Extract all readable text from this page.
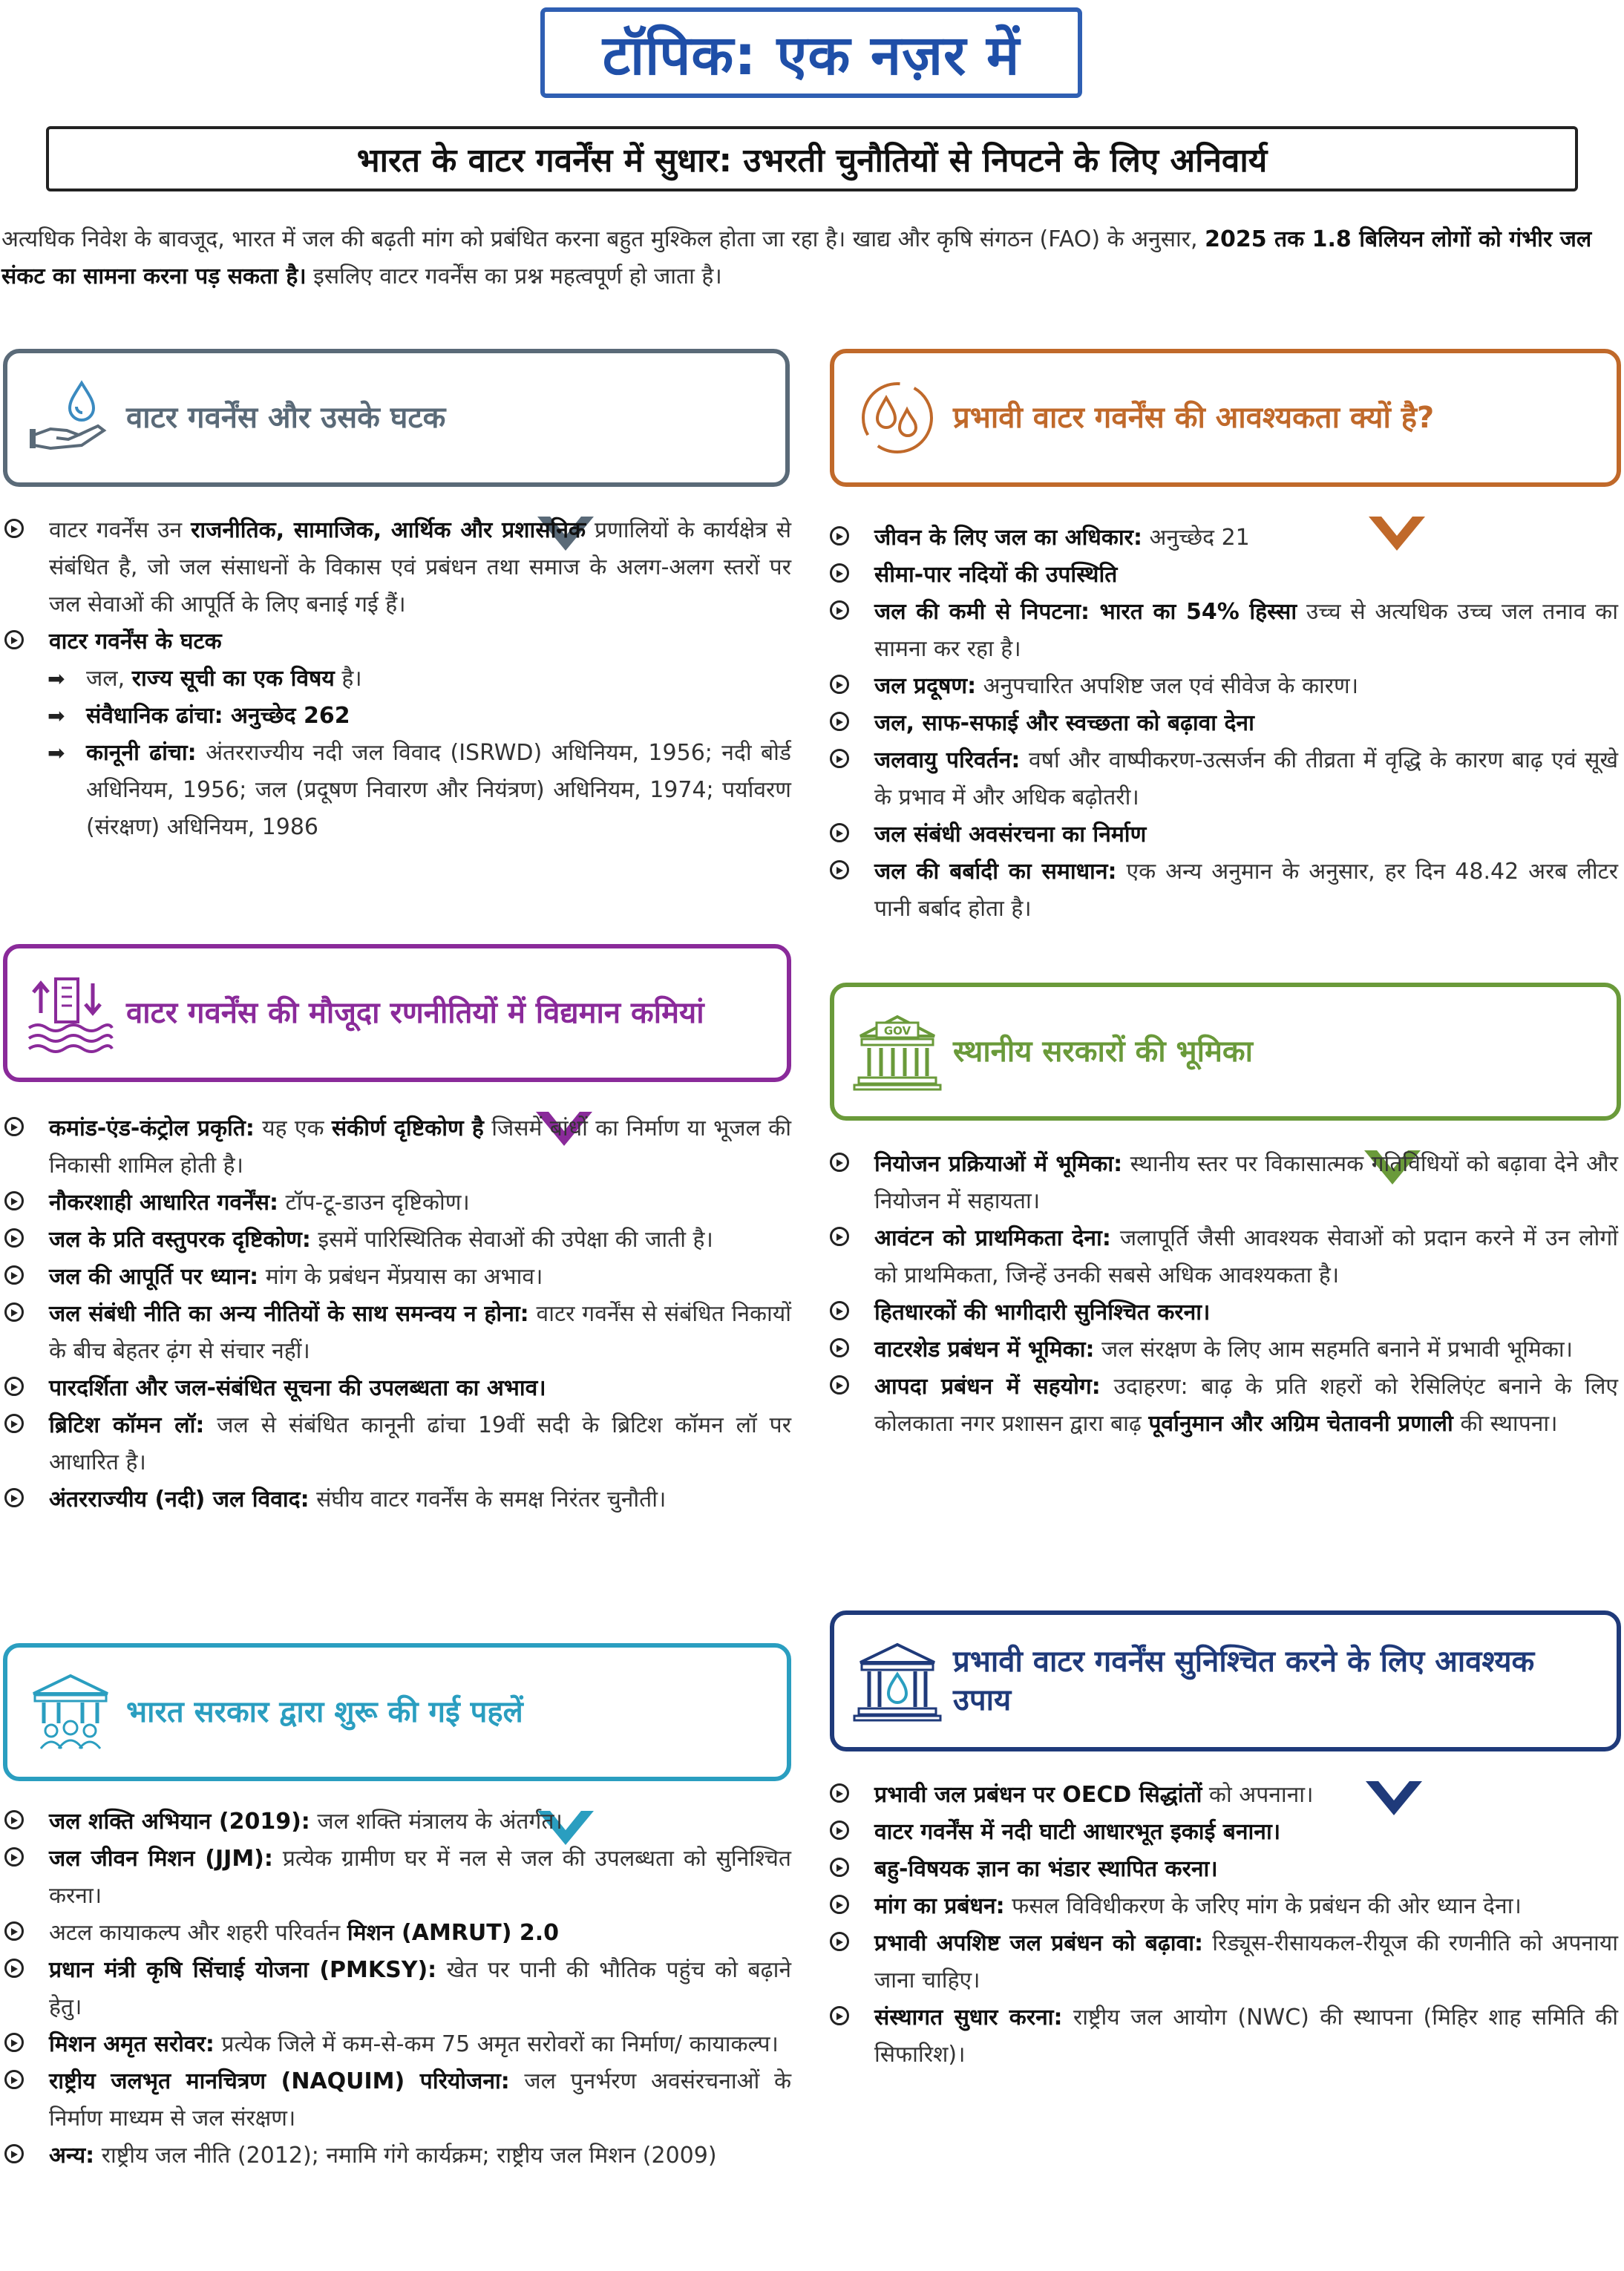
टॉपिक: एक नज़र में
भारत के वाटर गवर्नेंस में सुधार: उभरती चुनौतियों से निपटने के लिए अनिवार्य
अत्यधिक निवेश के बावजूद, भारत में जल की बढ़ती मांग को प्रबंधित करना बहुत मुश्किल होता जा रहा है। खाद्य और कृषि संगठन (FAO) के अनुसार, 2025 तक 1.8 बिलियन लोगों को गंभीर जल संकट का सामना करना पड़ सकता है। इसलिए वाटर गवर्नेंस का प्रश्न महत्वपूर्ण हो जाता है।
वाटर गवर्नेंस और उसके घटक
वाटर गवर्नेंस उन राजनीतिक, सामाजिक, आर्थिक और प्रशासनिक प्रणालियों के कार्यक्षेत्र से संबंधित है, जो जल संसाधनों के विकास एवं प्रबंधन तथा समाज के अलग-अलग स्तरों पर जल सेवाओं की आपूर्ति के लिए बनाई गई हैं।
वाटर गवर्नेंस के घटक
➡ जल, राज्य सूची का एक विषय है।
➡ संवैधानिक ढांचा: अनुच्छेद 262
➡ कानूनी ढांचा: अंतरराज्यीय नदी जल विवाद (ISRWD) अधिनियम, 1956; नदी बोर्ड अधिनियम, 1956; जल (प्रदूषण निवारण और नियंत्रण) अधिनियम, 1974; पर्यावरण (संरक्षण) अधिनियम, 1986
प्रभावी वाटर गवर्नेंस की आवश्यकता क्यों है?
जीवन के लिए जल का अधिकार: अनुच्छेद 21
सीमा-पार नदियों की उपस्थिति
जल की कमी से निपटना: भारत का 54% हिस्सा उच्च से अत्यधिक उच्च जल तनाव का सामना कर रहा है।
जल प्रदूषण: अनुपचारित अपशिष्ट जल एवं सीवेज के कारण।
जल, साफ-सफाई और स्वच्छता को बढ़ावा देना
जलवायु परिवर्तन: वर्षा और वाष्पीकरण-उत्सर्जन की तीव्रता में वृद्धि के कारण बाढ़ एवं सूखे के प्रभाव में और अधिक बढ़ोतरी।
जल संबंधी अवसंरचना का निर्माण
जल की बर्बादी का समाधान: एक अन्य अनुमान के अनुसार, हर दिन 48.42 अरब लीटर पानी बर्बाद होता है।
वाटर गवर्नेंस की मौजूदा रणनीतियों में विद्यमान कमियां
कमांड-एंड-कंट्रोल प्रकृति: यह एक संकीर्ण दृष्टिकोण है जिसमें बांधों का निर्माण या भूजल की निकासी शामिल होती है।
नौकरशाही आधारित गवर्नेंस: टॉप-टू-डाउन दृष्टिकोण।
जल के प्रति वस्तुपरक दृष्टिकोण: इसमें पारिस्थितिक सेवाओं की उपेक्षा की जाती है।
जल की आपूर्ति पर ध्यान: मांग के प्रबंधन मेंप्रयास का अभाव।
जल संबंधी नीति का अन्य नीतियों के साथ समन्वय न होना: वाटर गवर्नेंस से संबंधित निकायों के बीच बेहतर ढ़ंग से संचार नहीं।
पारदर्शिता और जल-संबंधित सूचना की उपलब्धता का अभाव।
ब्रिटिश कॉमन लॉ: जल से संबंधित कानूनी ढांचा 19वीं सदी के ब्रिटिश कॉमन लॉ पर आधारित है।
अंतरराज्यीय (नदी) जल विवाद: संघीय वाटर गवर्नेंस के समक्ष निरंतर चुनौती।
GOV
स्थानीय सरकारों की भूमिका
नियोजन प्रक्रियाओं में भूमिका: स्थानीय स्तर पर विकासात्मक गतिविधियों को बढ़ावा देने और नियोजन में सहायता।
आवंटन को प्राथमिकता देना: जलापूर्ति जैसी आवश्यक सेवाओं को प्रदान करने में उन लोगों को प्राथमिकता, जिन्हें उनकी सबसे अधिक आवश्यकता है।
हितधारकों की भागीदारी सुनिश्चित करना।
वाटरशेड प्रबंधन में भूमिका: जल संरक्षण के लिए आम सहमति बनाने में प्रभावी भूमिका।
आपदा प्रबंधन में सहयोग: उदाहरण: बाढ़ के प्रति शहरों को रेसिलिएंट बनाने के लिए कोलकाता नगर प्रशासन द्वारा बाढ़ पूर्वानुमान और अग्रिम चेतावनी प्रणाली की स्थापना।
भारत सरकार द्वारा शुरू की गई पहलें
जल शक्ति अभियान (2019): जल शक्ति मंत्रालय के अंतर्गत।
जल जीवन मिशन (JJM): प्रत्येक ग्रामीण घर में नल से जल की उपलब्धता को सुनिश्चित करना।
अटल कायाकल्प और शहरी परिवर्तन मिशन (AMRUT) 2.0
प्रधान मंत्री कृषि सिंचाई योजना (PMKSY): खेत पर पानी की भौतिक पहुंच को बढ़ाने हेतु।
मिशन अमृत सरोवर: प्रत्येक जिले में कम-से-कम 75 अमृत सरोवरों का निर्माण/ कायाकल्प।
राष्ट्रीय जलभृत मानचित्रण (NAQUIM) परियोजना: जल पुनर्भरण अवसंरचनाओं के निर्माण माध्यम से जल संरक्षण।
अन्य: राष्ट्रीय जल नीति (2012); नमामि गंगे कार्यक्रम; राष्ट्रीय जल मिशन (2009)
प्रभावी वाटर गवर्नेंस सुनिश्चित करने के लिए आवश्यक उपाय
प्रभावी जल प्रबंधन पर OECD सिद्धांतों को अपनाना।
वाटर गवर्नेंस में नदी घाटी आधारभूत इकाई बनाना।
बहु-विषयक ज्ञान का भंडार स्थापित करना।
मांग का प्रबंधन: फसल विविधीकरण के जरिए मांग के प्रबंधन की ओर ध्यान देना।
प्रभावी अपशिष्ट जल प्रबंधन को बढ़ावा: रिड्यूस-रीसायकल-रीयूज की रणनीति को अपनाया जाना चाहिए।
संस्थागत सुधार करना: राष्ट्रीय जल आयोग (NWC) की स्थापना (मिहिर शाह समिति की सिफारिश)।
